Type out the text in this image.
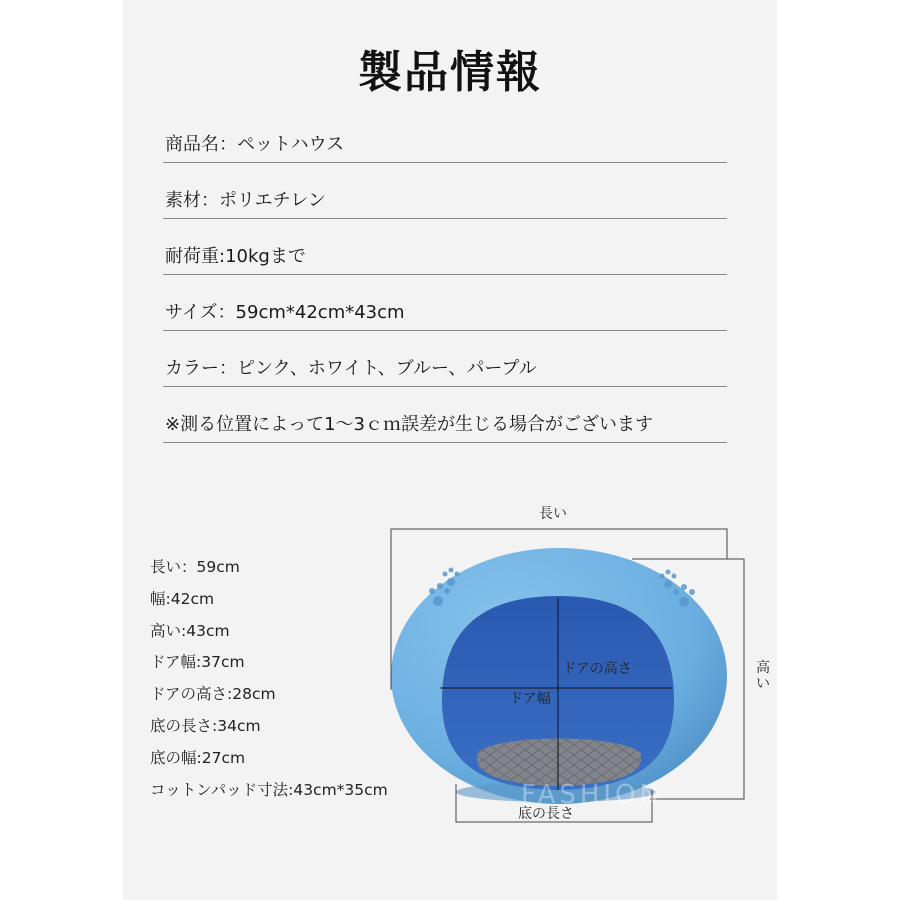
製品情報
商品名：ペットハウス
素材：ポリエチレン
耐荷重:10kgまで
サイズ：59cm*42cm*43cm
カラー：ピンク、ホワイト、ブルー、パープル
※測る位置によって1～3ｃｍ誤差が生じる場合がございます
長い：59cm
幅:42cm
高い:43cm
ドア幅:37cm
ドアの高さ:28cm
底の長さ:34cm
底の幅:27cm
コットンパッド寸法:43cm*35cm
長い
高
い
ドアの高さ
ドア幅
底の長さ
FASHION
